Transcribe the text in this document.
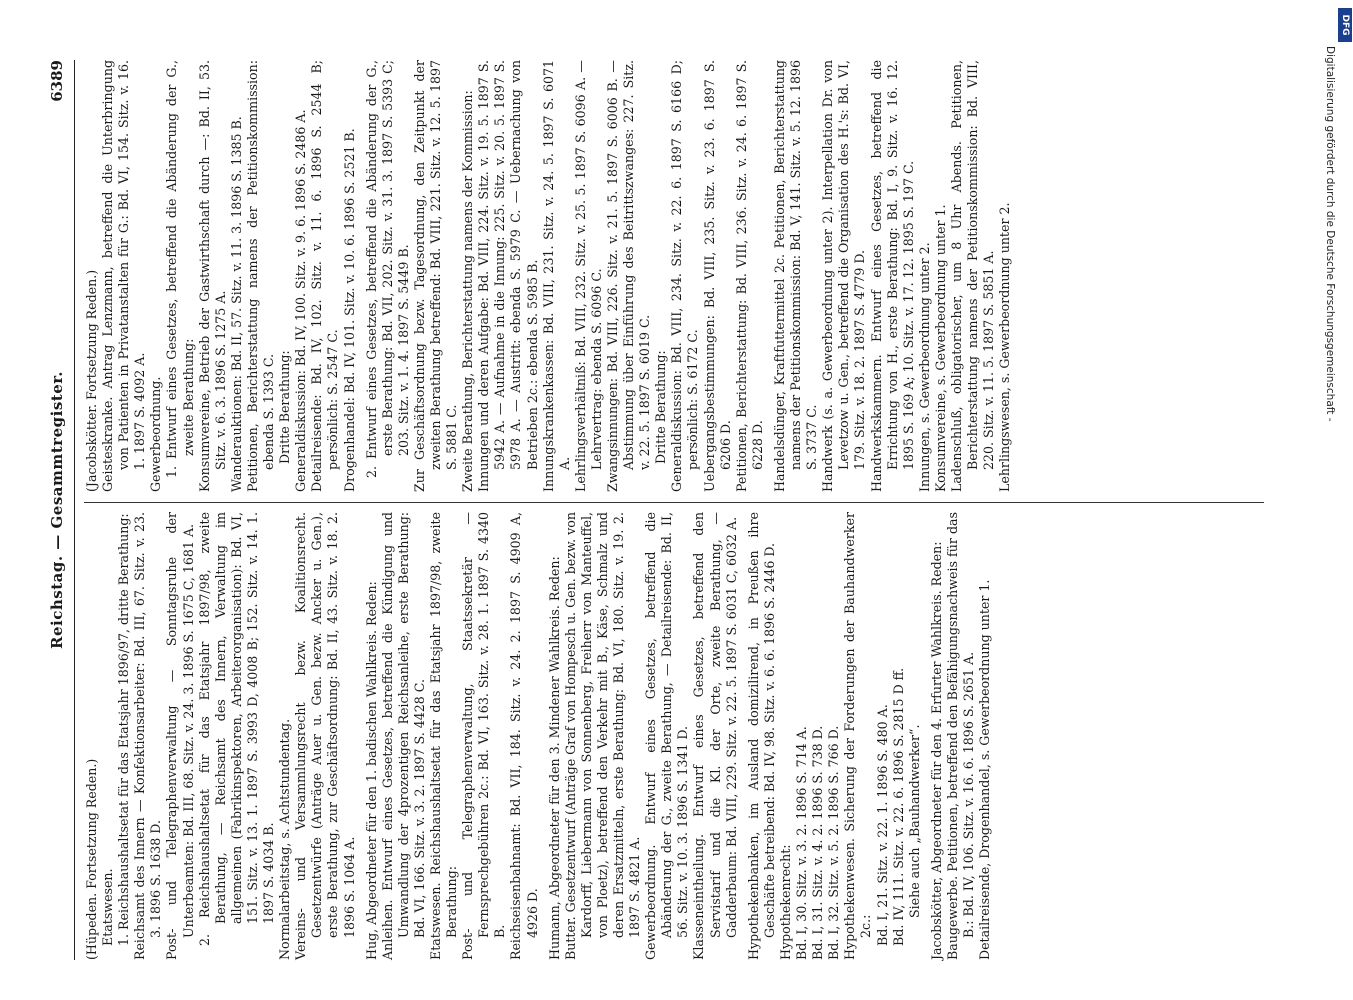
Reichstag. — Gesammtregister.
6389

(Hüpeden. Fortsetzung Reden.) Etatswesen. 1. Reichshaushaltsetat für das Etatsjahr 1896/97, dritte Berathung: Reichsamt des Innern — Konfektionsarbeiter: Bd. III, 67. Sitz. v. 23. 3. 1896 S. 1638 D. Post- und Telegraphenverwaltung — Sonntagsruhe der Unterbeamten: Bd. III, 68. Sitz. v. 24. 3. 1896 S. 1675 C, 1681 A. 2. Reichshaushaltsetat für das Etatsjahr 1897/98, zweite Berathung, — Reichsamt des Innern, Verwaltung im allgemeinen (Fabrikinspektoren, Arbeiterorganisation): Bd. VI, 151. Sitz. v. 13. 1. 1897 S. 3993 D, 4008 B; 152. Sitz. v. 14. 1. 1897 S. 4034 B. Normalarbeitstag, s. Achtstundentag. Vereins- und Versammlungsrecht bezw. Koalitionsrecht. Gesetzentwürfe (Anträge Auer u. Gen. bezw. Ancker u. Gen.), erste Berathung, zur Geschäftsordnung: Bd. II, 43. Sitz. v. 18. 2. 1896 S. 1064 A. Hug, Abgeordneter für den 1. badischen Wahlkreis. Reden: Anleihen. Entwurf eines Gesetzes, betreffend die Kündigung und Umwandlung der 4prozentigen Reichsanleihe, erste Berathung: Bd. VI, 166. Sitz. v. 3. 2. 1897 S. 4428 C. Etatswesen. Reichshaushaltsetat für das Etatsjahr 1897/98, zweite Berathung: Post- und Telegraphenverwaltung, Staatssekretär — Fernsprechgebühren 2c.: Bd. VI, 163. Sitz. v. 28. 1. 1897 S. 4340 B. Reichseisenbahnamt: Bd. VII, 184. Sitz. v. 24. 2. 1897 S. 4909 A, 4926 D. Humann, Abgeordneter für den 3. Mindener Wahlkreis. Reden: Butter. Gesetzentwurf (Anträge Graf von Hompesch u. Gen. bezw. von Kardorff, Liebermann von Sonnenberg, Freiherr von Manteuffel, von Ploetz), betreffend den Verkehr mit B., Käse, Schmalz und deren Ersatzmitteln, erste Berathung: Bd. VI, 180. Sitz. v. 19. 2. 1897 S. 4821 A. Gewerbeordnung. Entwurf eines Gesetzes, betreffend die Abänderung der G., zweite Berathung, — Detailreisende: Bd. II, 56. Sitz. v. 10. 3. 1896 S. 1341 D. Klasseneintheilung. Entwurf eines Gesetzes, betreffend den Servistarif und die Kl. der Orte, zweite Berathung, — Gadderbaum: Bd. VIII, 229. Sitz. v. 22. 5. 1897 S. 6031 C, 6032 A. Hypothekenbanken, im Ausland domizilirend, in Preußen ihre Geschäfte betreibend: Bd. IV, 98. Sitz. v. 6. 6. 1896 S. 2446 D. Hypothekenrecht: Bd. I, 30. Sitz. v. 3. 2. 1896 S. 714 A. Bd. I, 31. Sitz. v. 4. 2. 1896 S. 738 D. Bd. I, 32. Sitz. v. 5. 2. 1896 S. 766 D. Hypothekenwesen. Sicherung der Forderungen der Bauhandwerker 2c.: Bd. I, 21. Sitz. v. 22. 1. 1896 S. 480 A. Bd. IV, 111. Sitz. v. 22. 6. 1896 S. 2815 D ff. Siehe auch „Bauhandwerker“. Jacobskötter, Abgeordneter für den 4. Erfurter Wahlkreis. Reden: Baugewerbe. Petitionen, betreffend den Befähigungsnachweis für das B.: Bd. IV, 106. Sitz. v. 16. 6. 1896 S. 2651 A. Detailreisende, Drogenhandel, s. Gewerbeordnung unter 1.

(Jacobskötter. Fortsetzung Reden.) Geisteskranke. Antrag Lenzmann, betreffend die Unterbringung von Patienten in Privatanstalten für G.: Bd. VI, 154. Sitz. v. 16. 1. 1897 S. 4092 A. Gewerbeordnung. 1. Entwurf eines Gesetzes, betreffend die Abänderung der G., zweite Berathung: Konsumvereine, Betrieb der Gastwirthschaft durch —: Bd. II, 53. Sitz. v. 6. 3. 1896 S. 1275 A. Wanderauktionen: Bd. II, 57. Sitz. v. 11. 3. 1896 S. 1385 B. Petitionen, Berichterstattung namens der Petitionskommission: ebenda S. 1393 C. Dritte Berathung: Generaldiskussion: Bd. IV, 100. Sitz. v. 9. 6. 1896 S. 2486 A. Detailreisende: Bd. IV, 102. Sitz. v. 11. 6. 1896 S. 2544 B; persönlich: S. 2547 C. Drogenhandel: Bd. IV, 101. Sitz. v. 10. 6. 1896 S. 2521 B. 2. Entwurf eines Gesetzes, betreffend die Abänderung der G., erste Berathung: Bd. VII, 202. Sitz. v. 31. 3. 1897 S. 5393 C; 203. Sitz. v. 1. 4. 1897 S. 5449 B. Zur Geschäftsordnung bezw. Tagesordnung, den Zeitpunkt der zweiten Berathung betreffend: Bd. VIII, 221. Sitz. v. 12. 5. 1897 S. 5881 C. Zweite Berathung, Berichterstattung namens der Kommission: Innungen und deren Aufgabe: Bd. VIII, 224. Sitz. v. 19. 5. 1897 S. 5942 A. — Aufnahme in die Innung: 225. Sitz. v. 20. 5. 1897 S. 5978 A. — Austritt: ebenda S. 5979 C. — Uebernachung von Betrieben 2c.: ebenda S. 5985 B. Innungskrankenkassen: Bd. VIII, 231. Sitz. v. 24. 5. 1897 S. 6071 A. Lehrlingsverhältniß: Bd. VIII, 232. Sitz. v. 25. 5. 1897 S. 6096 A. — Lehrvertrag: ebenda S. 6096 C. Zwangsinnungen: Bd. VIII, 226. Sitz. v. 21. 5. 1897 S. 6006 B. — Abstimmung über Einführung des Beitrittszwanges: 227. Sitz. v. 22. 5. 1897 S. 6019 C. Dritte Berathung: Generaldiskussion: Bd. VIII, 234. Sitz. v. 22. 6. 1897 S. 6166 D; persönlich: S. 6172 C. Uebergangsbestimmungen: Bd. VIII, 235. Sitz. v. 23. 6. 1897 S. 6206 D. Petitionen, Berichterstattung: Bd. VIII, 236. Sitz. v. 24. 6. 1897 S. 6228 D. Handelsdünger, Kraftfuttermittel 2c. Petitionen, Berichterstattung namens der Petitionskommission: Bd. V, 141. Sitz. v. 5. 12. 1896 S. 3737 C. Handwerk (s. a. Gewerbeordnung unter 2). Interpellation Dr. von Levetzow u. Gen., betreffend die Organisation des H.'s: Bd. VI, 179. Sitz. v. 18. 2. 1897 S. 4779 D. Handwerkskammern. Entwurf eines Gesetzes, betreffend die Errichtung von H., erste Berathung: Bd. I, 9. Sitz. v. 16. 12. 1895 S. 169 A; 10. Sitz. v. 17. 12. 1895 S. 197 C. Innungen, s. Gewerbeordnung unter 2. Konsumvereine, s. Gewerbeordnung unter 1. Ladenschluß, obligatorischer, um 8 Uhr Abends. Petitionen, Berichterstattung namens der Petitionskommission: Bd. VIII, 220. Sitz. v. 11. 5. 1897 S. 5851 A. Lehrlingswesen, s. Gewerbeordnung unter 2.

DFG
Digitalisierung gefördert durch die Deutsche Forschungsgemeinschaft -
